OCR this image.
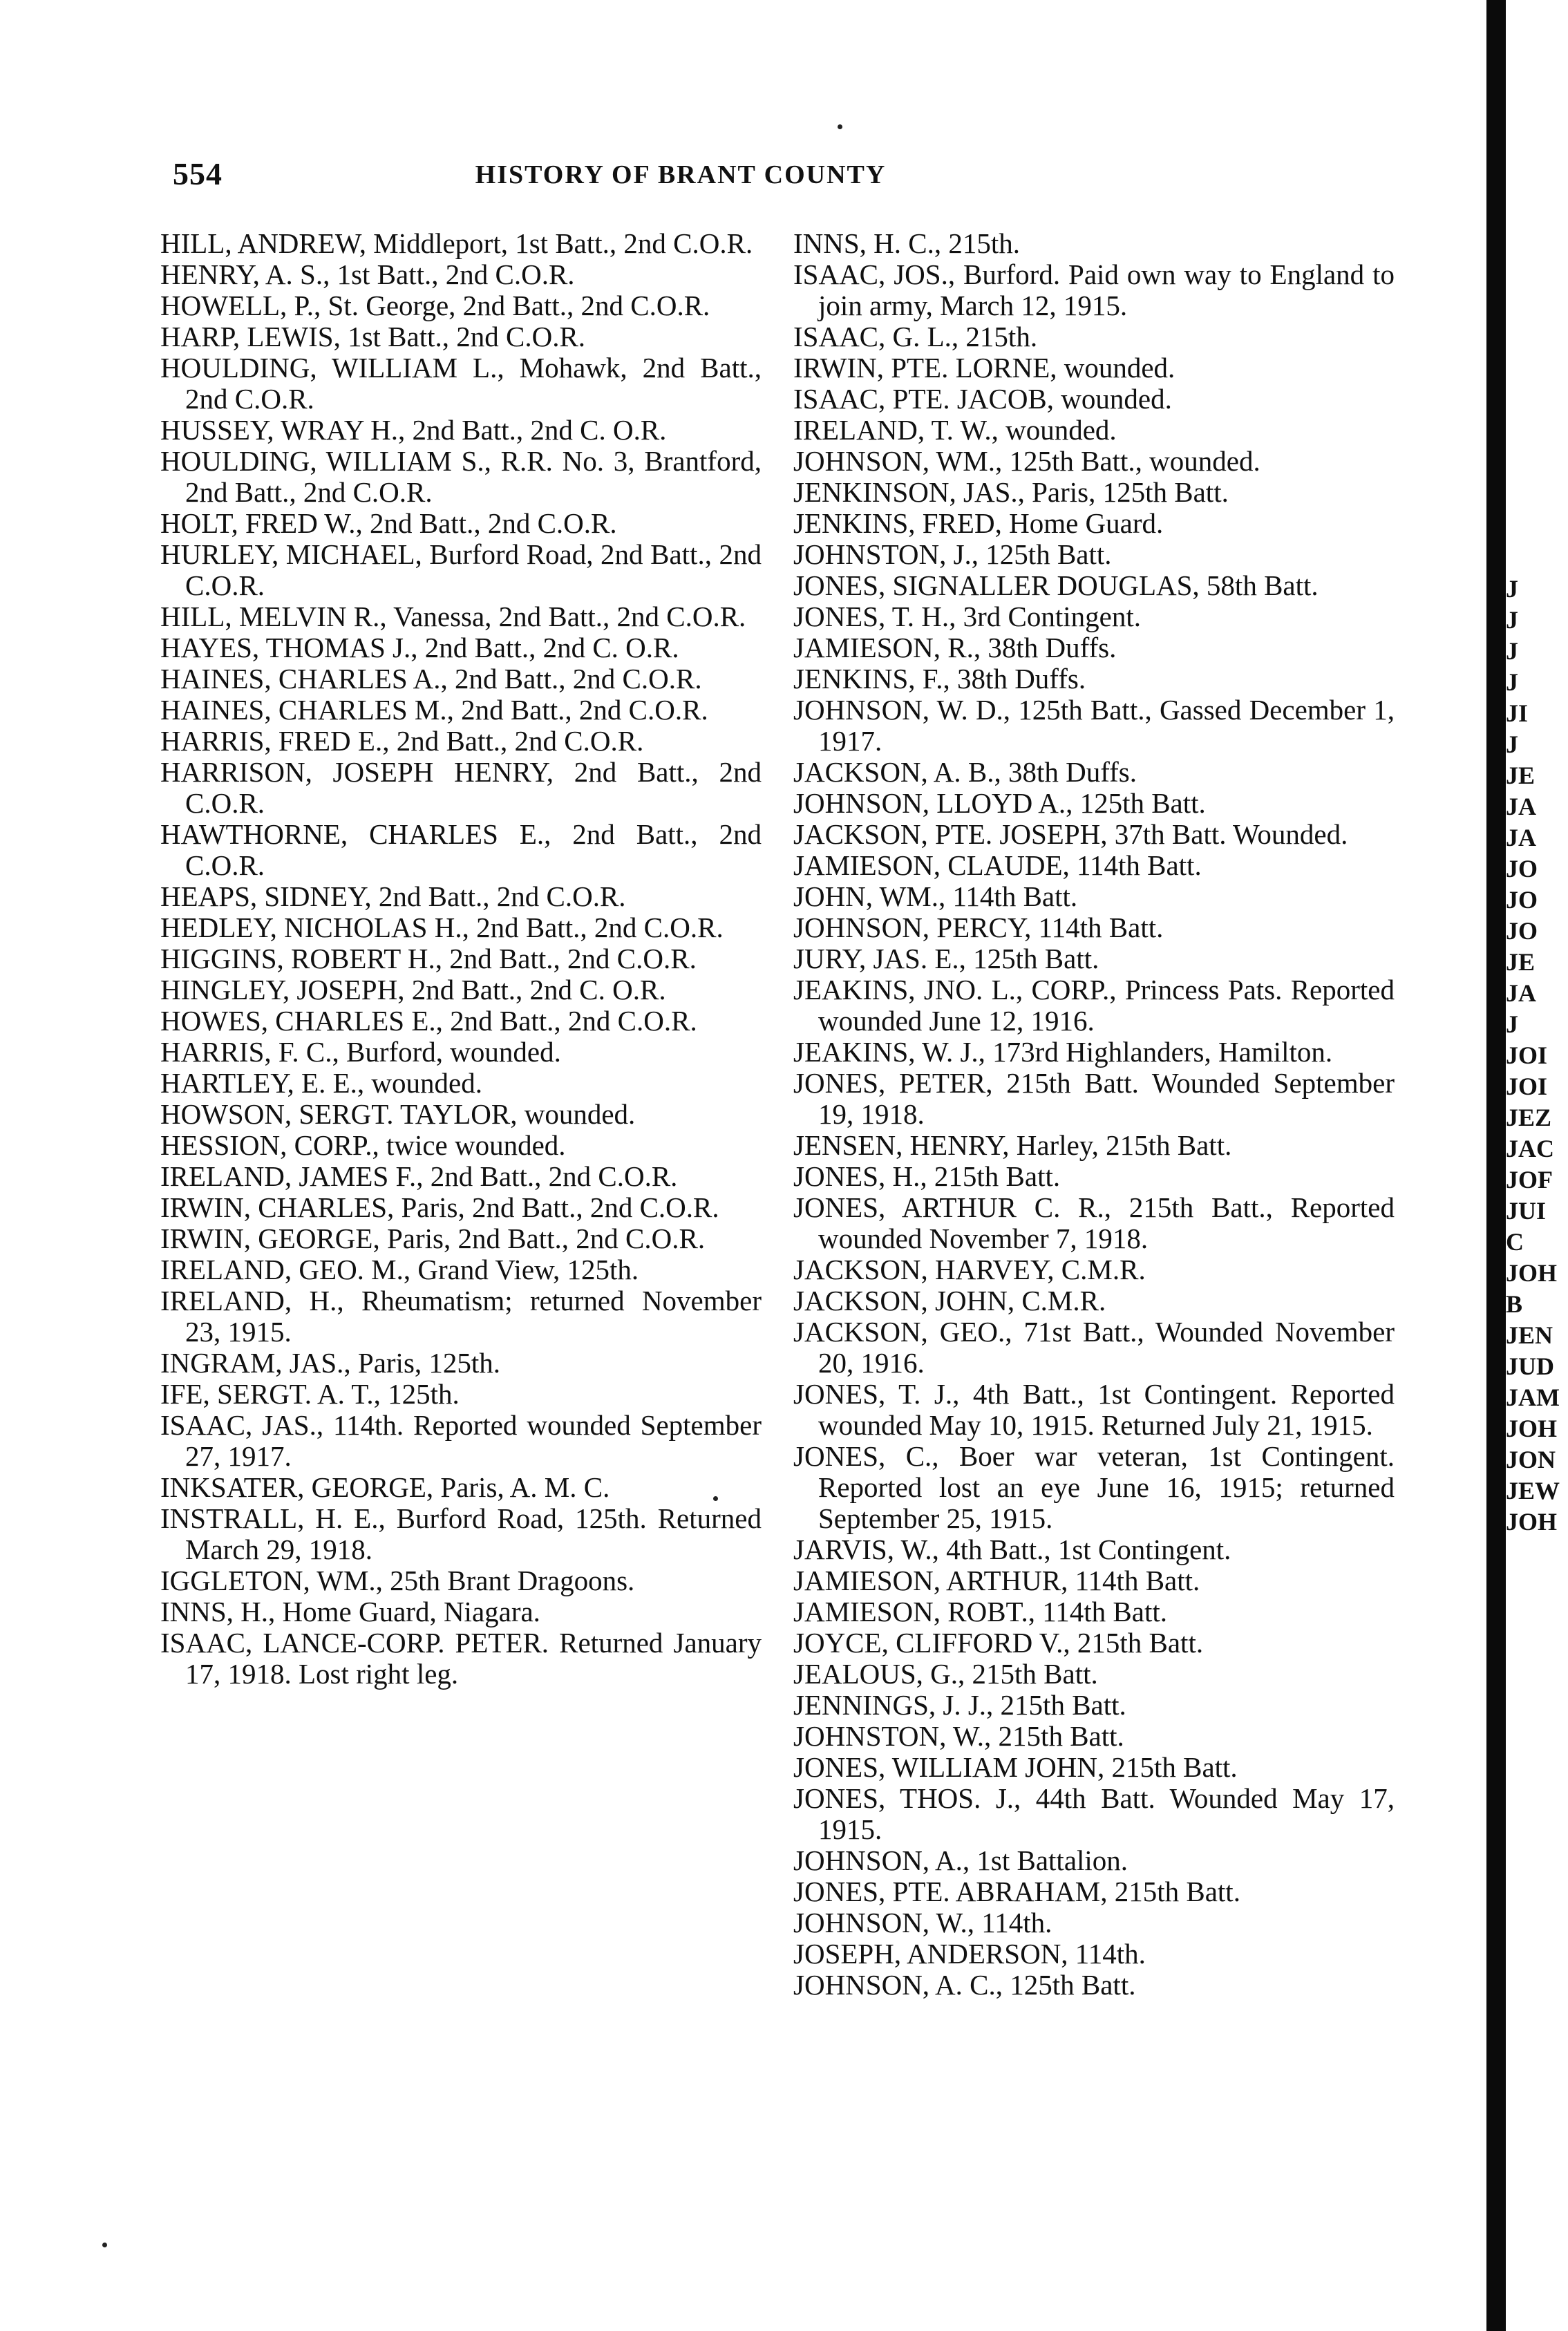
554	HISTORY OF BRANT COUNTY
HILL, ANDREW, Middleport, 1st Batt., 2nd C.O.R.
HENRY, A. S., 1st Batt., 2nd C.O.R.
HOWELL, P., St. George, 2nd Batt., 2nd C.O.R.
HARP, LEWIS, 1st Batt., 2nd C.O.R.
HOULDING, WILLIAM L., Mohawk, 2nd Batt., 2nd C.O.R.
HUSSEY, WRAY H., 2nd Batt., 2nd C. O.R.
HOULDING, WILLIAM S., R.R. No. 3, Brantford, 2nd Batt., 2nd C.O.R.
HOLT, FRED W., 2nd Batt., 2nd C.O.R.
HURLEY, MICHAEL, Burford Road, 2nd Batt., 2nd C.O.R.
HILL, MELVIN R., Vanessa, 2nd Batt., 2nd C.O.R.
HAYES, THOMAS J., 2nd Batt., 2nd C. O.R.
HAINES, CHARLES A., 2nd Batt., 2nd C.O.R.
HAINES, CHARLES M., 2nd Batt., 2nd C.O.R.
HARRIS, FRED E., 2nd Batt., 2nd C.O.R.
HARRISON, JOSEPH HENRY, 2nd Batt., 2nd C.O.R.
HAWTHORNE, CHARLES E., 2nd Batt., 2nd C.O.R.
HEAPS, SIDNEY, 2nd Batt., 2nd C.O.R.
HEDLEY, NICHOLAS H., 2nd Batt., 2nd C.O.R.
HIGGINS, ROBERT H., 2nd Batt., 2nd C.O.R.
HINGLEY, JOSEPH, 2nd Batt., 2nd C. O.R.
HOWES, CHARLES E., 2nd Batt., 2nd C.O.R.
HARRIS, F. C., Burford, wounded.
HARTLEY, E. E., wounded.
HOWSON, SERGT. TAYLOR, wounded.
HESSION, CORP., twice wounded.
IRELAND, JAMES F., 2nd Batt., 2nd C.O.R.
IRWIN, CHARLES, Paris, 2nd Batt., 2nd C.O.R.
IRWIN, GEORGE, Paris, 2nd Batt., 2nd C.O.R.
IRELAND, GEO. M., Grand View, 125th.
IRELAND, H., Rheumatism; returned November 23, 1915.
INGRAM, JAS., Paris, 125th.
IFE, SERGT. A. T., 125th.
ISAAC, JAS., 114th. Reported wounded September 27, 1917.
INKSATER, GEORGE, Paris, A. M. C.
INSTRALL, H. E., Burford Road, 125th. Returned March 29, 1918.
IGGLETON, WM., 25th Brant Dragoons.
INNS, H., Home Guard, Niagara.
ISAAC, LANCE-CORP. PETER. Returned January 17, 1918. Lost right leg.
INNS, H. C., 215th.
ISAAC, JOS., Burford. Paid own way to England to join army, March 12, 1915.
ISAAC, G. L., 215th.
IRWIN, PTE. LORNE, wounded.
ISAAC, PTE. JACOB, wounded.
IRELAND, T. W., wounded.
JOHNSON, WM., 125th Batt., wounded.
JENKINSON, JAS., Paris, 125th Batt.
JENKINS, FRED, Home Guard.
JOHNSTON, J., 125th Batt.
JONES, SIGNALLER DOUGLAS, 58th Batt.
JONES, T. H., 3rd Contingent.
JAMIESON, R., 38th Duffs.
JENKINS, F., 38th Duffs.
JOHNSON, W. D., 125th Batt., Gassed December 1, 1917.
JACKSON, A. B., 38th Duffs.
JOHNSON, LLOYD A., 125th Batt.
JACKSON, PTE. JOSEPH, 37th Batt. Wounded.
JAMIESON, CLAUDE, 114th Batt.
JOHN, WM., 114th Batt.
JOHNSON, PERCY, 114th Batt.
JURY, JAS. E., 125th Batt.
JEAKINS, JNO. L., CORP., Princess Pats. Reported wounded June 12, 1916.
JEAKINS, W. J., 173rd Highlanders, Hamilton.
JONES, PETER, 215th Batt. Wounded September 19, 1918.
JENSEN, HENRY, Harley, 215th Batt.
JONES, H., 215th Batt.
JONES, ARTHUR C. R., 215th Batt., Reported wounded November 7, 1918.
JACKSON, HARVEY, C.M.R.
JACKSON, JOHN, C.M.R.
JACKSON, GEO., 71st Batt., Wounded November 20, 1916.
JONES, T. J., 4th Batt., 1st Contingent. Reported wounded May 10, 1915. Returned July 21, 1915.
JONES, C., Boer war veteran, 1st Contingent. Reported lost an eye June 16, 1915; returned September 25, 1915.
JARVIS, W., 4th Batt., 1st Contingent.
JAMIESON, ARTHUR, 114th Batt.
JAMIESON, ROBT., 114th Batt.
JOYCE, CLIFFORD V., 215th Batt.
JEALOUS, G., 215th Batt.
JENNINGS, J. J., 215th Batt.
JOHNSTON, W., 215th Batt.
JONES, WILLIAM JOHN, 215th Batt.
JONES, THOS. J., 44th Batt. Wounded May 17, 1915.
JOHNSON, A., 1st Battalion.
JONES, PTE. ABRAHAM, 215th Batt.
JOHNSON, W., 114th.
JOSEPH, ANDERSON, 114th.
JOHNSON, A. C., 125th Batt.
J
J
J
J
JI
J
JE
JA
JA
JO
JO
JO
JE
JA
J
JOI
JOI
JEZ
JAC
JOF
JUI
C
JOH
B
JEN
JUD
JAM
JOH
JON
JEW
JOH
